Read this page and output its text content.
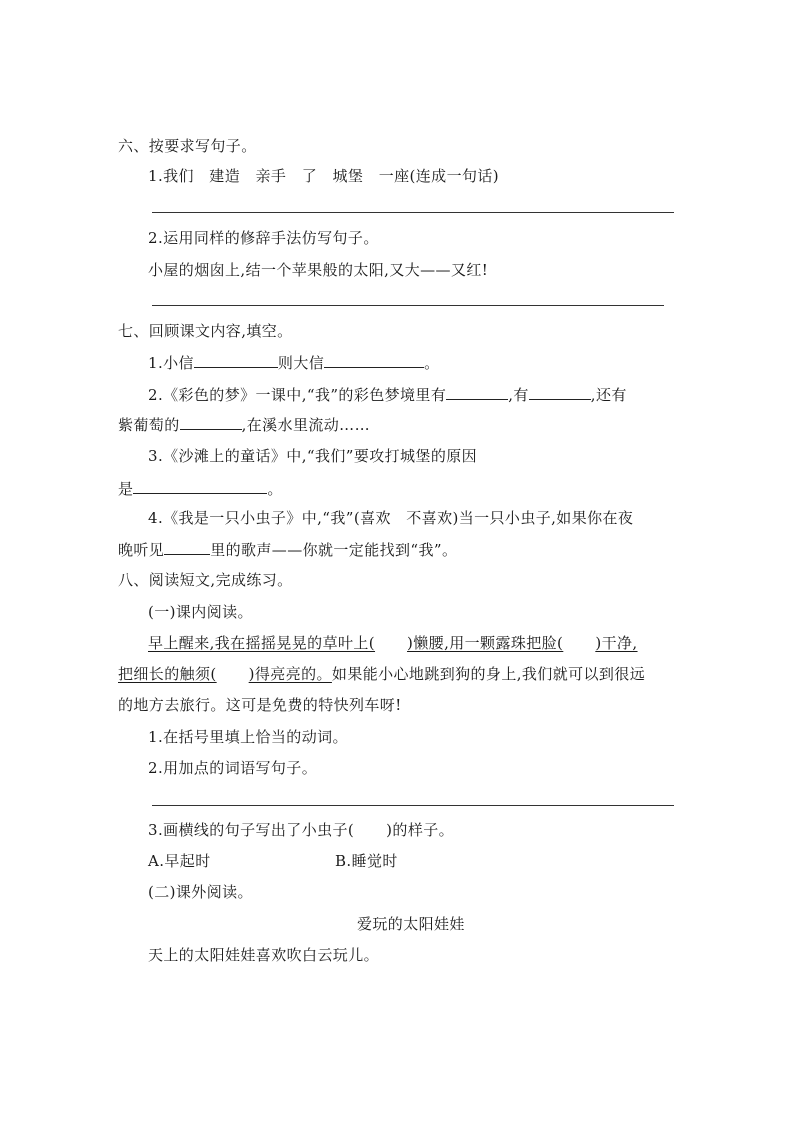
六、按要求写句子。
1.我们　建造　亲手　了　城堡　一座(连成一句话)
2.运用同样的修辞手法仿写句子。
小屋的烟囱上,结一个苹果般的太阳,又大——又红!
七、回顾课文内容,填空。
1.小信	则大信	。
2.《彩色的梦》一课中,“我”的彩色梦境里有	,有	,还有
紫葡萄的	,在溪水里流动……
3.《沙滩上的童话》中,“我们”要攻打城堡的原因
是	。
4.《我是一只小虫子》中,“我”(喜欢　不喜欢)当一只小虫子,如果你在夜
晚听见	里的歌声——你就一定能找到“我”。
八、阅读短文,完成练习。
(一)课内阅读。
早上醒来,我在摇摇晃晃的草叶上( )懒腰,用一颗露珠把脸( )干净,
把细长的触须( )得亮亮的。如果能小心地跳到狗的身上,我们就可以到很远
的地方去旅行。这可是免费的特快列车呀!
1.在括号里填上恰当的动词。
2.用加点的词语写句子。
3.画横线的句子写出了小虫子( )的样子。
A.早起时	B.睡觉时
(二)课外阅读。
爱玩的太阳娃娃
天上的太阳娃娃喜欢吹白云玩儿。
